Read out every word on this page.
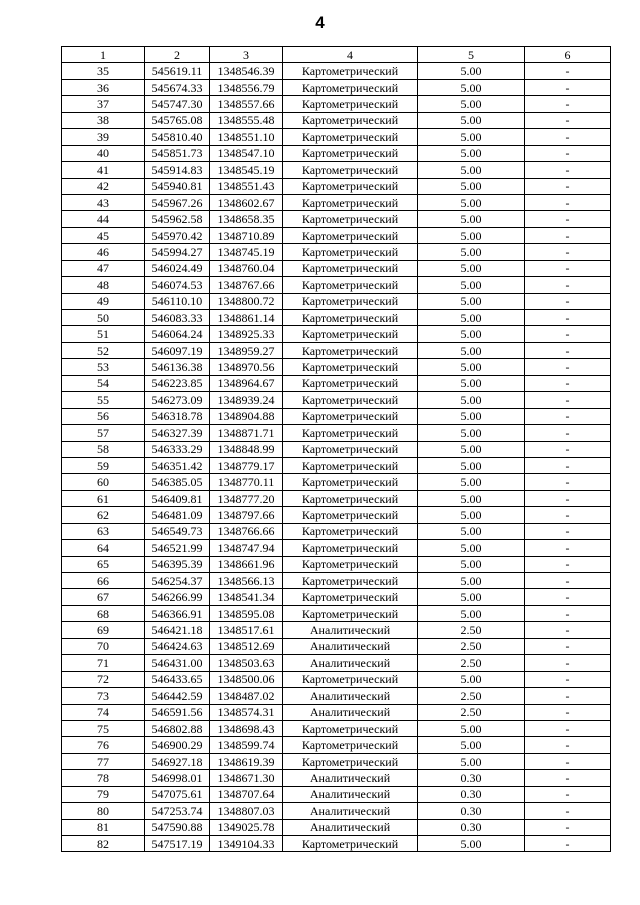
4
1	2	3	4	5	6
35	545619.11	1348546.39	Картометрический	5.00	-
36	545674.33	1348556.79	Картометрический	5.00	-
37	545747.30	1348557.66	Картометрический	5.00	-
38	545765.08	1348555.48	Картометрический	5.00	-
39	545810.40	1348551.10	Картометрический	5.00	-
40	545851.73	1348547.10	Картометрический	5.00	-
41	545914.83	1348545.19	Картометрический	5.00	-
42	545940.81	1348551.43	Картометрический	5.00	-
43	545967.26	1348602.67	Картометрический	5.00	-
44	545962.58	1348658.35	Картометрический	5.00	-
45	545970.42	1348710.89	Картометрический	5.00	-
46	545994.27	1348745.19	Картометрический	5.00	-
47	546024.49	1348760.04	Картометрический	5.00	-
48	546074.53	1348767.66	Картометрический	5.00	-
49	546110.10	1348800.72	Картометрический	5.00	-
50	546083.33	1348861.14	Картометрический	5.00	-
51	546064.24	1348925.33	Картометрический	5.00	-
52	546097.19	1348959.27	Картометрический	5.00	-
53	546136.38	1348970.56	Картометрический	5.00	-
54	546223.85	1348964.67	Картометрический	5.00	-
55	546273.09	1348939.24	Картометрический	5.00	-
56	546318.78	1348904.88	Картометрический	5.00	-
57	546327.39	1348871.71	Картометрический	5.00	-
58	546333.29	1348848.99	Картометрический	5.00	-
59	546351.42	1348779.17	Картометрический	5.00	-
60	546385.05	1348770.11	Картометрический	5.00	-
61	546409.81	1348777.20	Картометрический	5.00	-
62	546481.09	1348797.66	Картометрический	5.00	-
63	546549.73	1348766.66	Картометрический	5.00	-
64	546521.99	1348747.94	Картометрический	5.00	-
65	546395.39	1348661.96	Картометрический	5.00	-
66	546254.37	1348566.13	Картометрический	5.00	-
67	546266.99	1348541.34	Картометрический	5.00	-
68	546366.91	1348595.08	Картометрический	5.00	-
69	546421.18	1348517.61	Аналитический	2.50	-
70	546424.63	1348512.69	Аналитический	2.50	-
71	546431.00	1348503.63	Аналитический	2.50	-
72	546433.65	1348500.06	Картометрический	5.00	-
73	546442.59	1348487.02	Аналитический	2.50	-
74	546591.56	1348574.31	Аналитический	2.50	-
75	546802.88	1348698.43	Картометрический	5.00	-
76	546900.29	1348599.74	Картометрический	5.00	-
77	546927.18	1348619.39	Картометрический	5.00	-
78	546998.01	1348671.30	Аналитический	0.30	-
79	547075.61	1348707.64	Аналитический	0.30	-
80	547253.74	1348807.03	Аналитический	0.30	-
81	547590.88	1349025.78	Аналитический	0.30	-
82	547517.19	1349104.33	Картометрический	5.00	-
